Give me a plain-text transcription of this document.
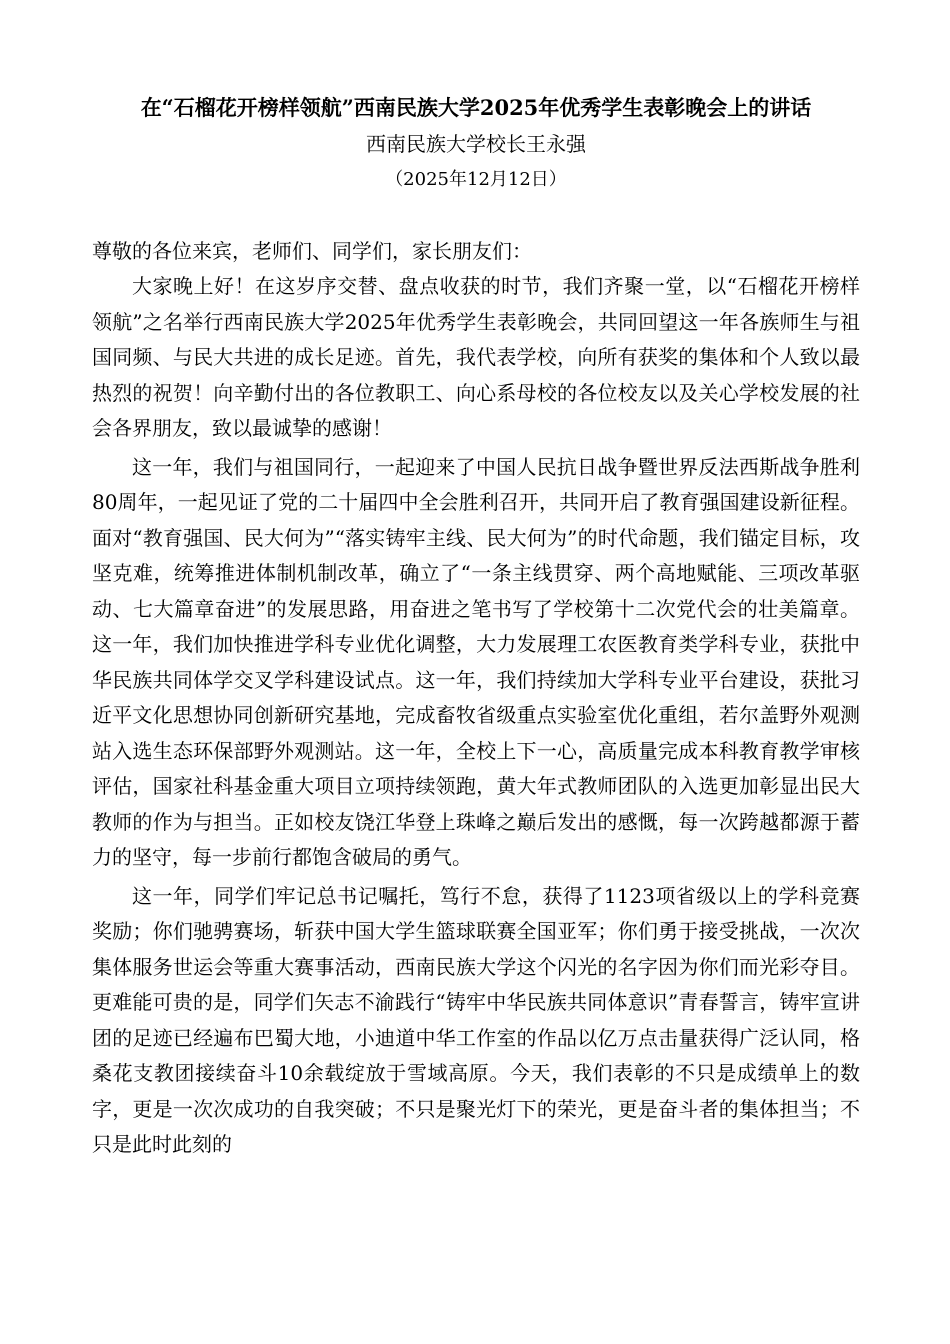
在“石榴花开榜样领航”西南民族大学2025年优秀学生表彰晚会上的讲话
西南民族大学校长王永强
（2025年12月12日）

尊敬的各位来宾，老师们、同学们，家长朋友们：

大家晚上好！在这岁序交替、盘点收获的时节，我们齐聚一堂，以“石榴花开榜样领航”之名举行西南民族大学2025年优秀学生表彰晚会，共同回望这一年各族师生与祖国同频、与民大共进的成长足迹。首先，我代表学校，向所有获奖的集体和个人致以最热烈的祝贺！向辛勤付出的各位教职工、向心系母校的各位校友以及关心学校发展的社会各界朋友，致以最诚挚的感谢！

这一年，我们与祖国同行，一起迎来了中国人民抗日战争暨世界反法西斯战争胜利80周年，一起见证了党的二十届四中全会胜利召开，共同开启了教育强国建设新征程。面对“教育强国、民大何为”“落实铸牢主线、民大何为”的时代命题，我们锚定目标，攻坚克难，统筹推进体制机制改革，确立了“一条主线贯穿、两个高地赋能、三项改革驱动、七大篇章奋进”的发展思路，用奋进之笔书写了学校第十二次党代会的壮美篇章。这一年，我们加快推进学科专业优化调整，大力发展理工农医教育类学科专业，获批中华民族共同体学交叉学科建设试点。这一年，我们持续加大学科专业平台建设，获批习近平文化思想协同创新研究基地，完成畜牧省级重点实验室优化重组，若尔盖野外观测站入选生态环保部野外观测站。这一年，全校上下一心，高质量完成本科教育教学审核评估，国家社科基金重大项目立项持续领跑，黄大年式教师团队的入选更加彰显出民大教师的作为与担当。正如校友饶江华登上珠峰之巅后发出的感慨，每一次跨越都源于蓄力的坚守，每一步前行都饱含破局的勇气。

这一年，同学们牢记总书记嘱托，笃行不怠，获得了1123项省级以上的学科竞赛奖励；你们驰骋赛场，斩获中国大学生篮球联赛全国亚军；你们勇于接受挑战，一次次集体服务世运会等重大赛事活动，西南民族大学这个闪光的名字因为你们而光彩夺目。更难能可贵的是，同学们矢志不渝践行“铸牢中华民族共同体意识”青春誓言，铸牢宣讲团的足迹已经遍布巴蜀大地，小迪道中华工作室的作品以亿万点击量获得广泛认同，格桑花支教团接续奋斗10余载绽放于雪域高原。今天，我们表彰的不只是成绩单上的数字，更是一次次成功的自我突破；不只是聚光灯下的荣光，更是奋斗者的集体担当；不只是此时此刻的
